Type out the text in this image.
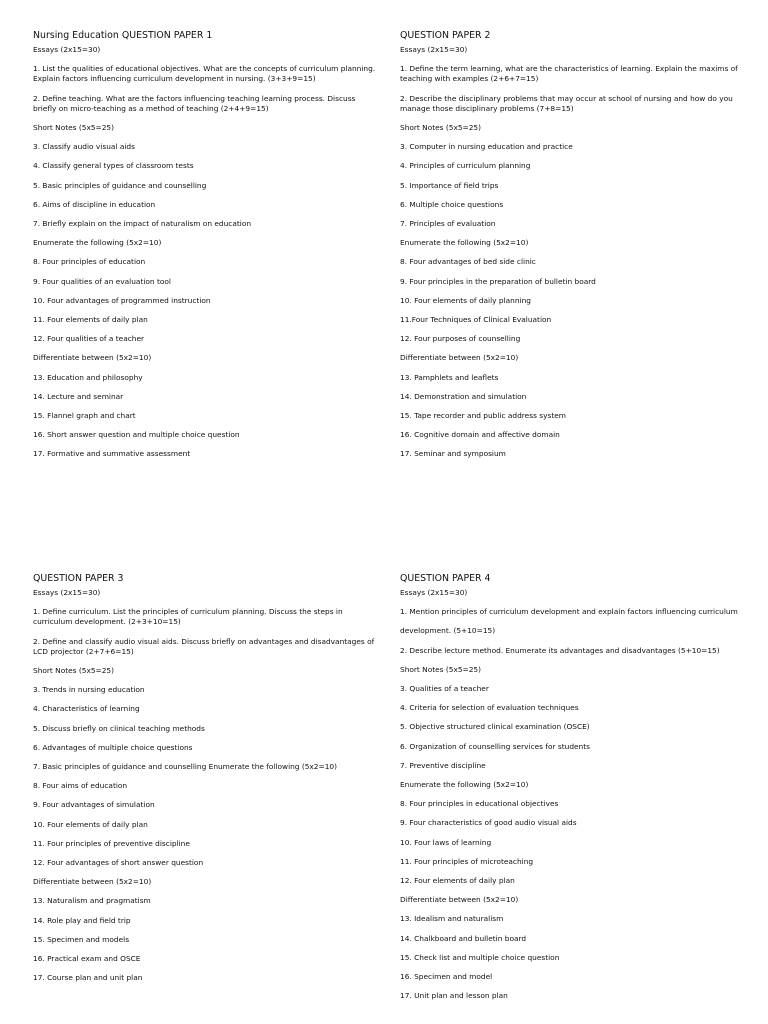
Nursing Education QUESTION PAPER 1

Essays (2x15=30)

1. List the qualities of educational objectives. What are the concepts of curriculum planning. Explain factors influencing curriculum development in nursing. (3+3+9=15)

2. Define teaching. What are the factors influencing teaching learning process. Discuss briefly on micro-teaching as a method of teaching (2+4+9=15)

Short Notes (5x5=25)

3. Classify audio visual aids

4. Classify general types of classroom tests

5. Basic principles of guidance and counselling

6. Aims of discipline in education

7. Briefly explain on the impact of naturalism on education

Enumerate the following (5x2=10)

8. Four principles of education

9. Four qualities of an evaluation tool

10. Four advantages of programmed instruction

11. Four elements of daily plan

12. Four qualities of a teacher

Differentiate between (5x2=10)

13. Education and philosophy

14. Lecture and seminar

15. Flannel graph and chart

16. Short answer question and multiple choice question

17. Formative and summative assessment

QUESTION PAPER 2

Essays (2x15=30)

1. Define the term learning, what are the characteristics of learning. Explain the maxims of teaching with examples (2+6+7=15)

2. Describe the disciplinary problems that may occur at school of nursing and how do you manage those disciplinary problems (7+8=15)

Short Notes (5x5=25)

3. Computer in nursing education and practice

4. Principles of curriculum planning

5. Importance of field trips

6. Multiple choice questions

7. Principles of evaluation

Enumerate the following (5x2=10)

8. Four advantages of bed side clinic

9. Four principles in the preparation of bulletin board

10. Four elements of daily planning

11.Four Techniques of Clinical Evaluation

12. Four purposes of counselling

Differentiate between (5x2=10)

13. Pamphlets and leaflets

14. Demonstration and simulation

15. Tape recorder and public address system

16. Cognitive domain and affective domain

17. Seminar and symposium

QUESTION PAPER 3

Essays (2x15=30)

1. Define curriculum. List the principles of curriculum planning. Discuss the steps in curriculum development. (2+3+10=15)

2. Define and classify audio visual aids. Discuss briefly on advantages and disadvantages of LCD projector (2+7+6=15)

Short Notes (5x5=25)

3. Trends in nursing education

4. Characteristics of learning

5. Discuss briefly on clinical teaching methods

6. Advantages of multiple choice questions

7. Basic principles of guidance and counselling Enumerate the following (5x2=10)

8. Four aims of education

9. Four advantages of simulation

10. Four elements of daily plan

11. Four principles of preventive discipline

12. Four advantages of short answer question

Differentiate between (5x2=10)

13. Naturalism and pragmatism

14. Role play and field trip

15. Specimen and models

16. Practical exam and OSCE

17. Course plan and unit plan

QUESTION PAPER 4

Essays (2x15=30)

1. Mention principles of curriculum development and explain factors influencing curriculum

development. (5+10=15)

2. Describe lecture method. Enumerate its advantages and disadvantages (5+10=15)

Short Notes (5x5=25)

3. Qualities of a teacher

4. Criteria for selection of evaluation techniques

5. Objective structured clinical examination (OSCE)

6. Organization of counselling services for students

7. Preventive discipline

Enumerate the following (5x2=10)

8. Four principles in educational objectives

9. Four characteristics of good audio visual aids

10. Four laws of learning

11. Four principles of microteaching

12. Four elements of daily plan

Differentiate between (5x2=10)

13. Idealism and naturalism

14. Chalkboard and bulletin board

15. Check list and multiple choice question

16. Specimen and model

17. Unit plan and lesson plan
